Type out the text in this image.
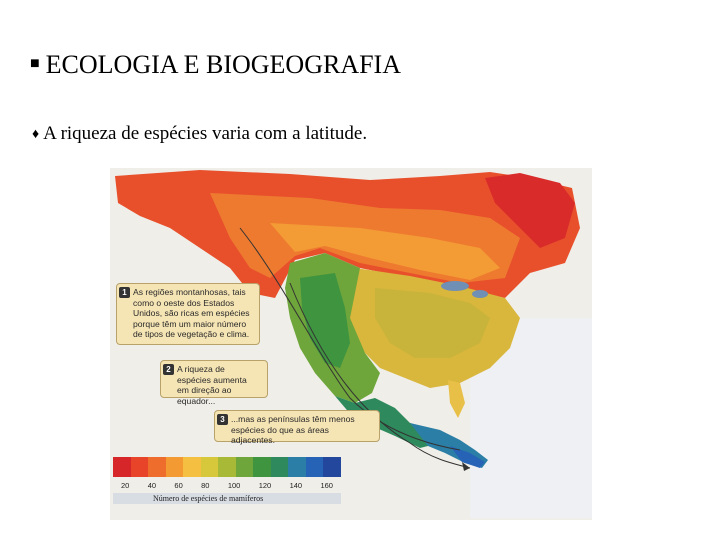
■ ECOLOGIA E BIOGEOGRAFIA
♦ A riqueza de espécies varia com a latitude.

1 As regiões montanhosas, tais como o oeste dos Estados Unidos, são ricas em espécies porque têm um maior número de tipos de vegetação e clima.
2 A riqueza de espécies aumenta em direção ao equador...
3 ...mas as penínsulas têm menos espécies do que as áreas adjacentes.
20 40 60 80 100 120 140 160
Número de espécies de mamíferos
